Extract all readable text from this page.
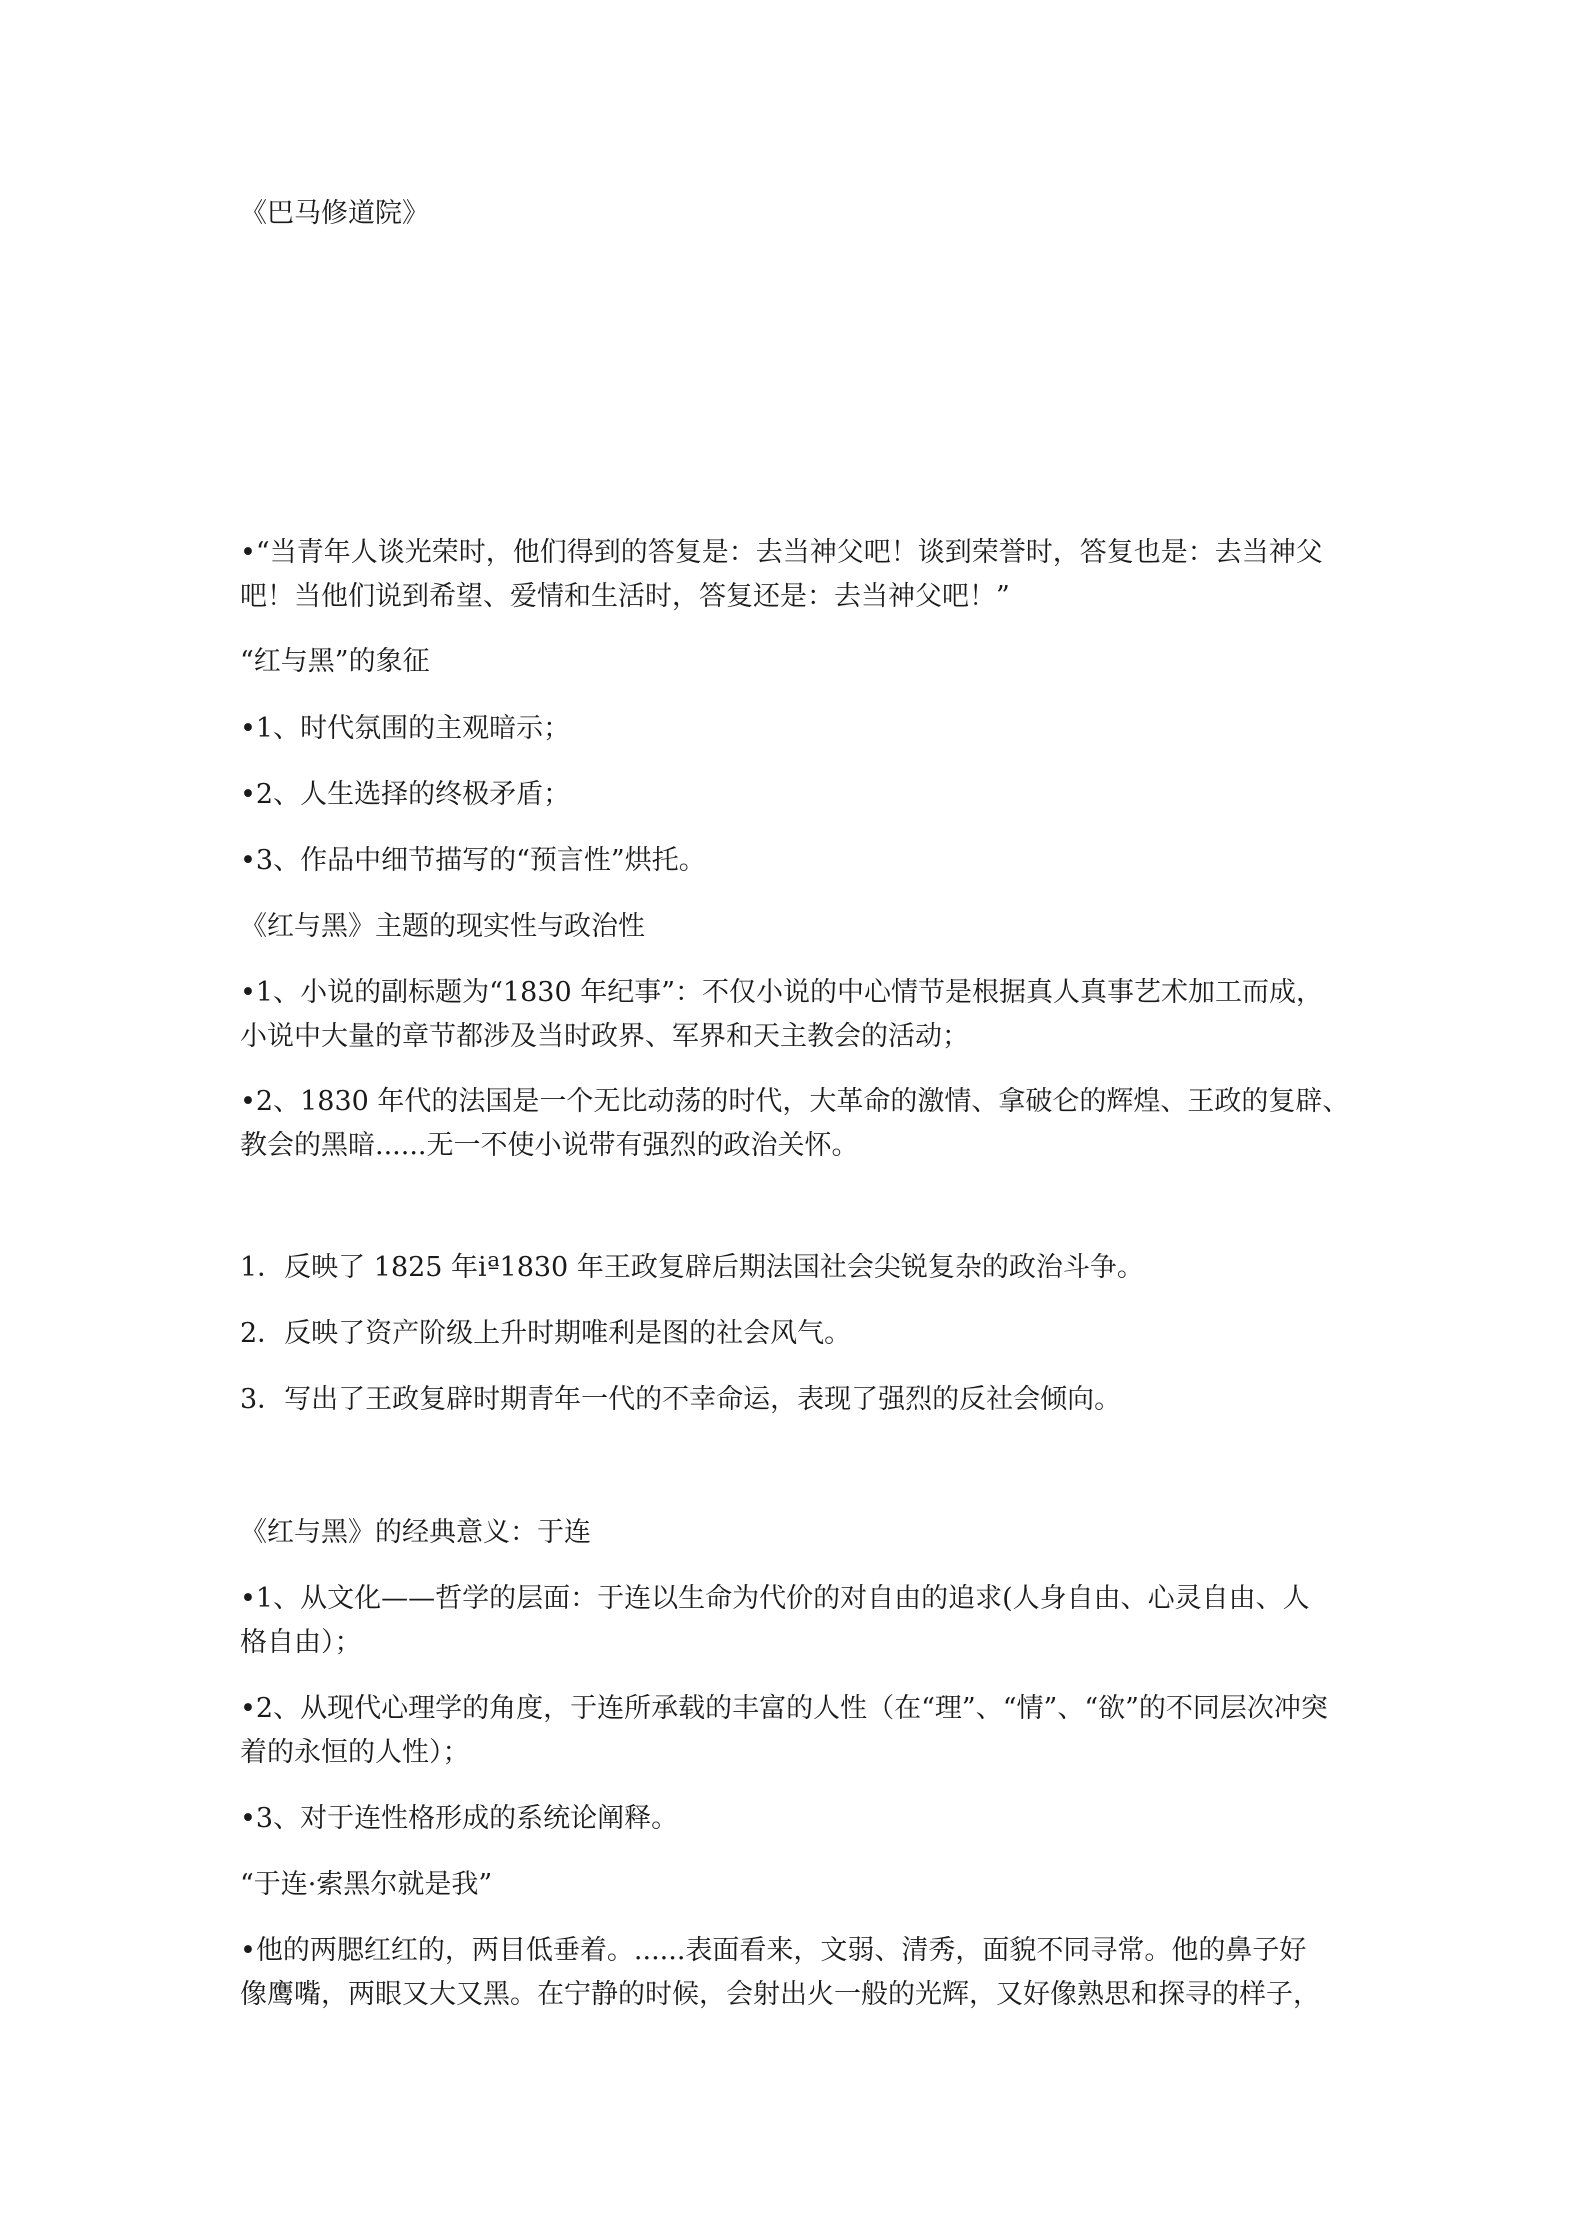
《巴马修道院》
•“当青年人谈光荣时，他们得到的答复是：去当神父吧！谈到荣誉时，答复也是：去当神父
吧！当他们说到希望、爱情和生活时，答复还是：去当神父吧！”
“红与黑”的象征
•1、时代氛围的主观暗示；
•2、人生选择的终极矛盾；
•3、作品中细节描写的“预言性”烘托。
《红与黑》主题的现实性与政治性
•1、小说的副标题为“1830 年纪事”：不仅小说的中心情节是根据真人真事艺术加工而成，
小说中大量的章节都涉及当时政界、军界和天主教会的活动；
•2、1830 年代的法国是一个无比动荡的时代，大革命的激情、拿破仑的辉煌、王政的复辟、
教会的黑暗......无一不使小说带有强烈的政治关怀。
1．反映了 1825 年iª1830 年王政复辟后期法国社会尖锐复杂的政治斗争。
2．反映了资产阶级上升时期唯利是图的社会风气。
3．写出了王政复辟时期青年一代的不幸命运，表现了强烈的反社会倾向。
《红与黑》的经典意义：于连
•1、从文化——哲学的层面：于连以生命为代价的对自由的追求(人身自由、心灵自由、人
格自由）；
•2、从现代心理学的角度，于连所承载的丰富的人性（在“理”、“情”、“欲”的不同层次冲突
着的永恒的人性）；
•3、对于连性格形成的系统论阐释。
“于连·索黑尔就是我”
•他的两腮红红的，两目低垂着。......表面看来，文弱、清秀，面貌不同寻常。他的鼻子好
像鹰嘴，两眼又大又黑。在宁静的时候，会射出火一般的光辉，又好像熟思和探寻的样子，
